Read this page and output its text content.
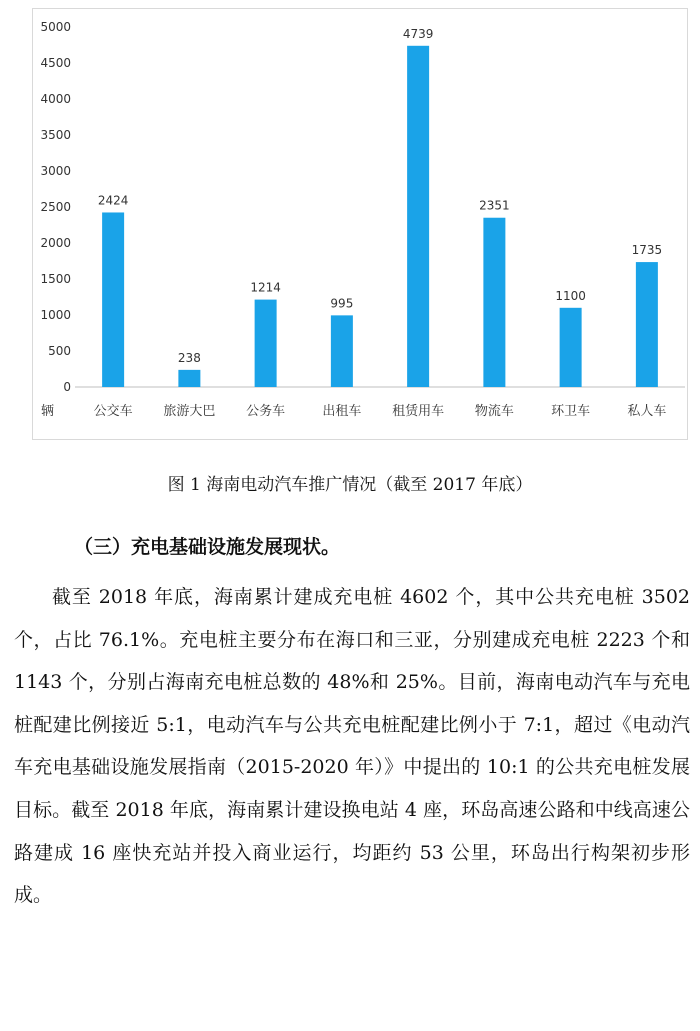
0
500
1000
1500
2000
2500
3000
3500
4000
4500
5000
辆
2424
公交车
238
旅游大巴
1214
公务车
995
出租车
4739
租赁用车
2351
物流车
1100
环卫车
1735
私人车
图 1 海南电动汽车推广情况（截至 2017 年底）
（三）充电基础设施发展现状。

截至 2018 年底，海南累计建成充电桩 4602 个，其中公共充电桩 3502 个，占比 76.1%。充电桩主要分布在海口和三亚，分别建成充电桩 2223 个和 1143 个，分别占海南充电桩总数的 48%和 25%。目前，海南电动汽车与充电桩配建比例接近 5:1，电动汽车与公共充电桩配建比例小于 7:1，超过《电动汽车充电基础设施发展指南（2015-2020 年）》中提出的 10:1 的公共充电桩发展目标。截至 2018 年底，海南累计建设换电站 4 座，环岛高速公路和中线高速公路建成 16 座快充站并投入商业运行，均距约 53 公里，环岛出行构架初步形成。
